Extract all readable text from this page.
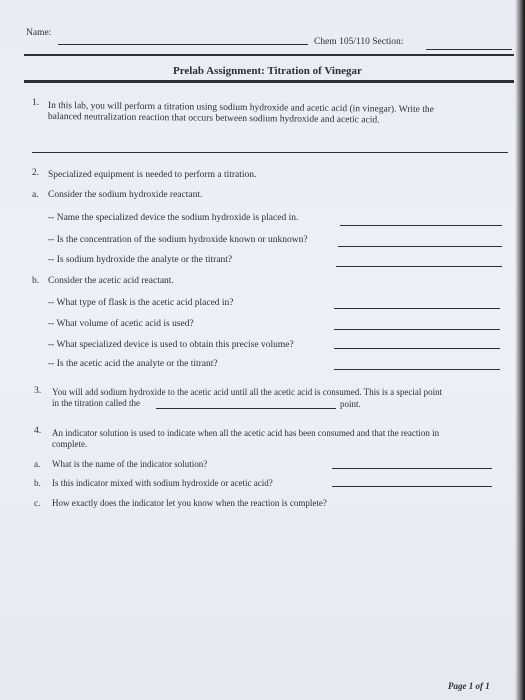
Name:
Chem 105/110 Section:
Prelab Assignment: Titration of Vinegar
1. In this lab, you will perform a titration using sodium hydroxide and acetic acid (in vinegar). Write the
balanced neutralization reaction that occurs between sodium hydroxide and acetic acid.
2. Specialized equipment is needed to perform a titration.
a. Consider the sodium hydroxide reactant.
-- Name the specialized device the sodium hydroxide is placed in.
-- Is the concentration of the sodium hydroxide known or unknown?
-- Is sodium hydroxide the analyte or the titrant?
b. Consider the acetic acid reactant.
-- What type of flask is the acetic acid placed in?
-- What volume of acetic acid is used?
-- What specialized device is used to obtain this precise volume?
-- Is the acetic acid the analyte or the titrant?
3. You will add sodium hydroxide to the acetic acid until all the acetic acid is consumed. This is a special point
in the titration called the	point.
4. An indicator solution is used to indicate when all the acetic acid has been consumed and that the reaction in
complete.
a. What is the name of the indicator solution?
b. Is this indicator mixed with sodium hydroxide or acetic acid?
c. How exactly does the indicator let you know when the reaction is complete?
Page 1 of 1
